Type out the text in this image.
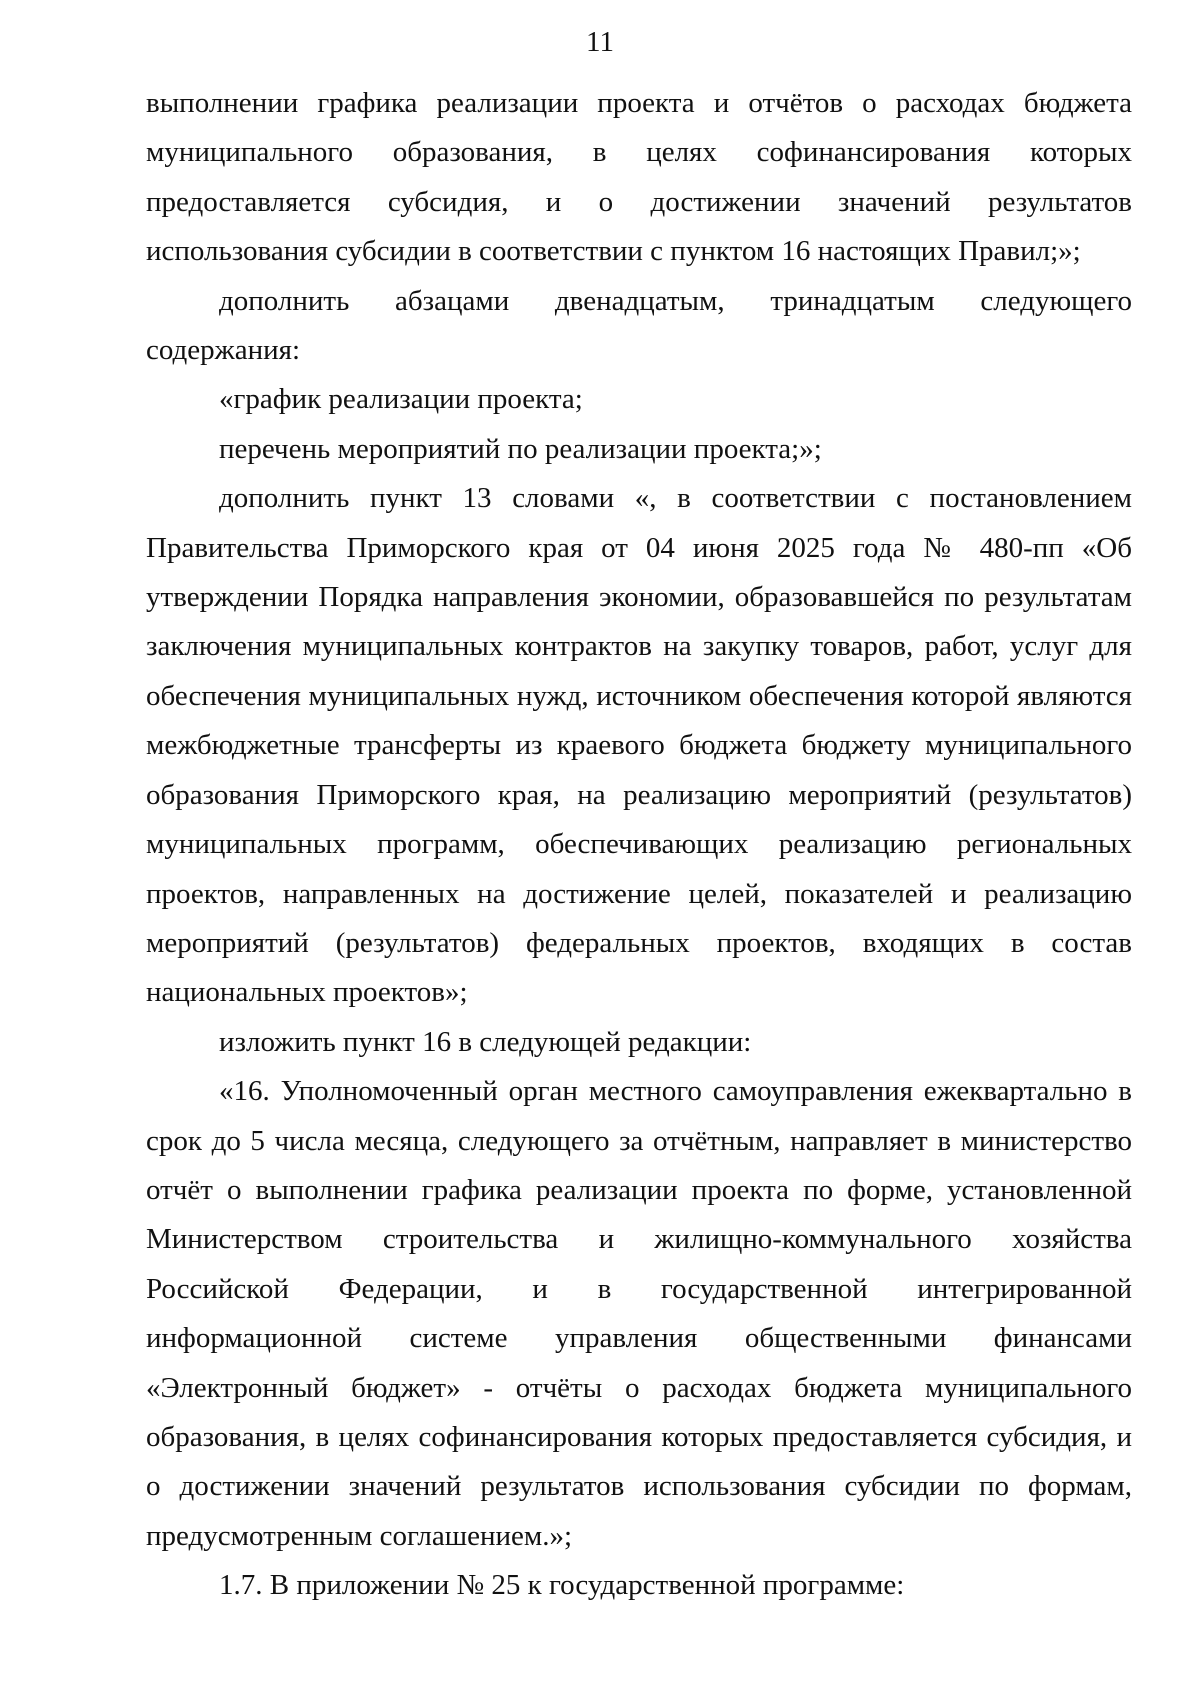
11

выполнении графика реализации проекта и отчётов о расходах бюджета муниципального образования, в целях софинансирования которых предоставляется субсидия, и о достижении значений результатов использования субсидии в соответствии с пунктом 16 настоящих Правил;»;

дополнить абзацами двенадцатым, тринадцатым следующего содержания:

«график реализации проекта;

перечень мероприятий по реализации проекта;»;

дополнить пункт 13 словами «, в соответствии с постановлением Правительства Приморского края от 04 июня 2025 года № 480-пп «Об утверждении Порядка направления экономии, образовавшейся по результатам заключения муниципальных контрактов на закупку товаров, работ, услуг для обеспечения муниципальных нужд, источником обеспечения которой являются межбюджетные трансферты из краевого бюджета бюджету муниципального образования Приморского края, на реализацию мероприятий (результатов) муниципальных программ, обеспечивающих реализацию региональных проектов, направленных на достижение целей, показателей и реализацию мероприятий (результатов) федеральных проектов, входящих в состав национальных проектов»;

изложить пункт 16 в следующей редакции:

«16. Уполномоченный орган местного самоуправления ежеквартально в срок до 5 числа месяца, следующего за отчётным, направляет в министерство отчёт о выполнении графика реализации проекта по форме, установленной Министерством строительства и жилищно-коммунального хозяйства Российской Федерации, и в государственной интегрированной информационной системе управления общественными финансами «Электронный бюджет» - отчёты о расходах бюджета муниципального образования, в целях софинансирования которых предоставляется субсидия, и о достижении значений результатов использования субсидии по формам, предусмотренным соглашением.»;

1.7. В приложении № 25 к государственной программе:
